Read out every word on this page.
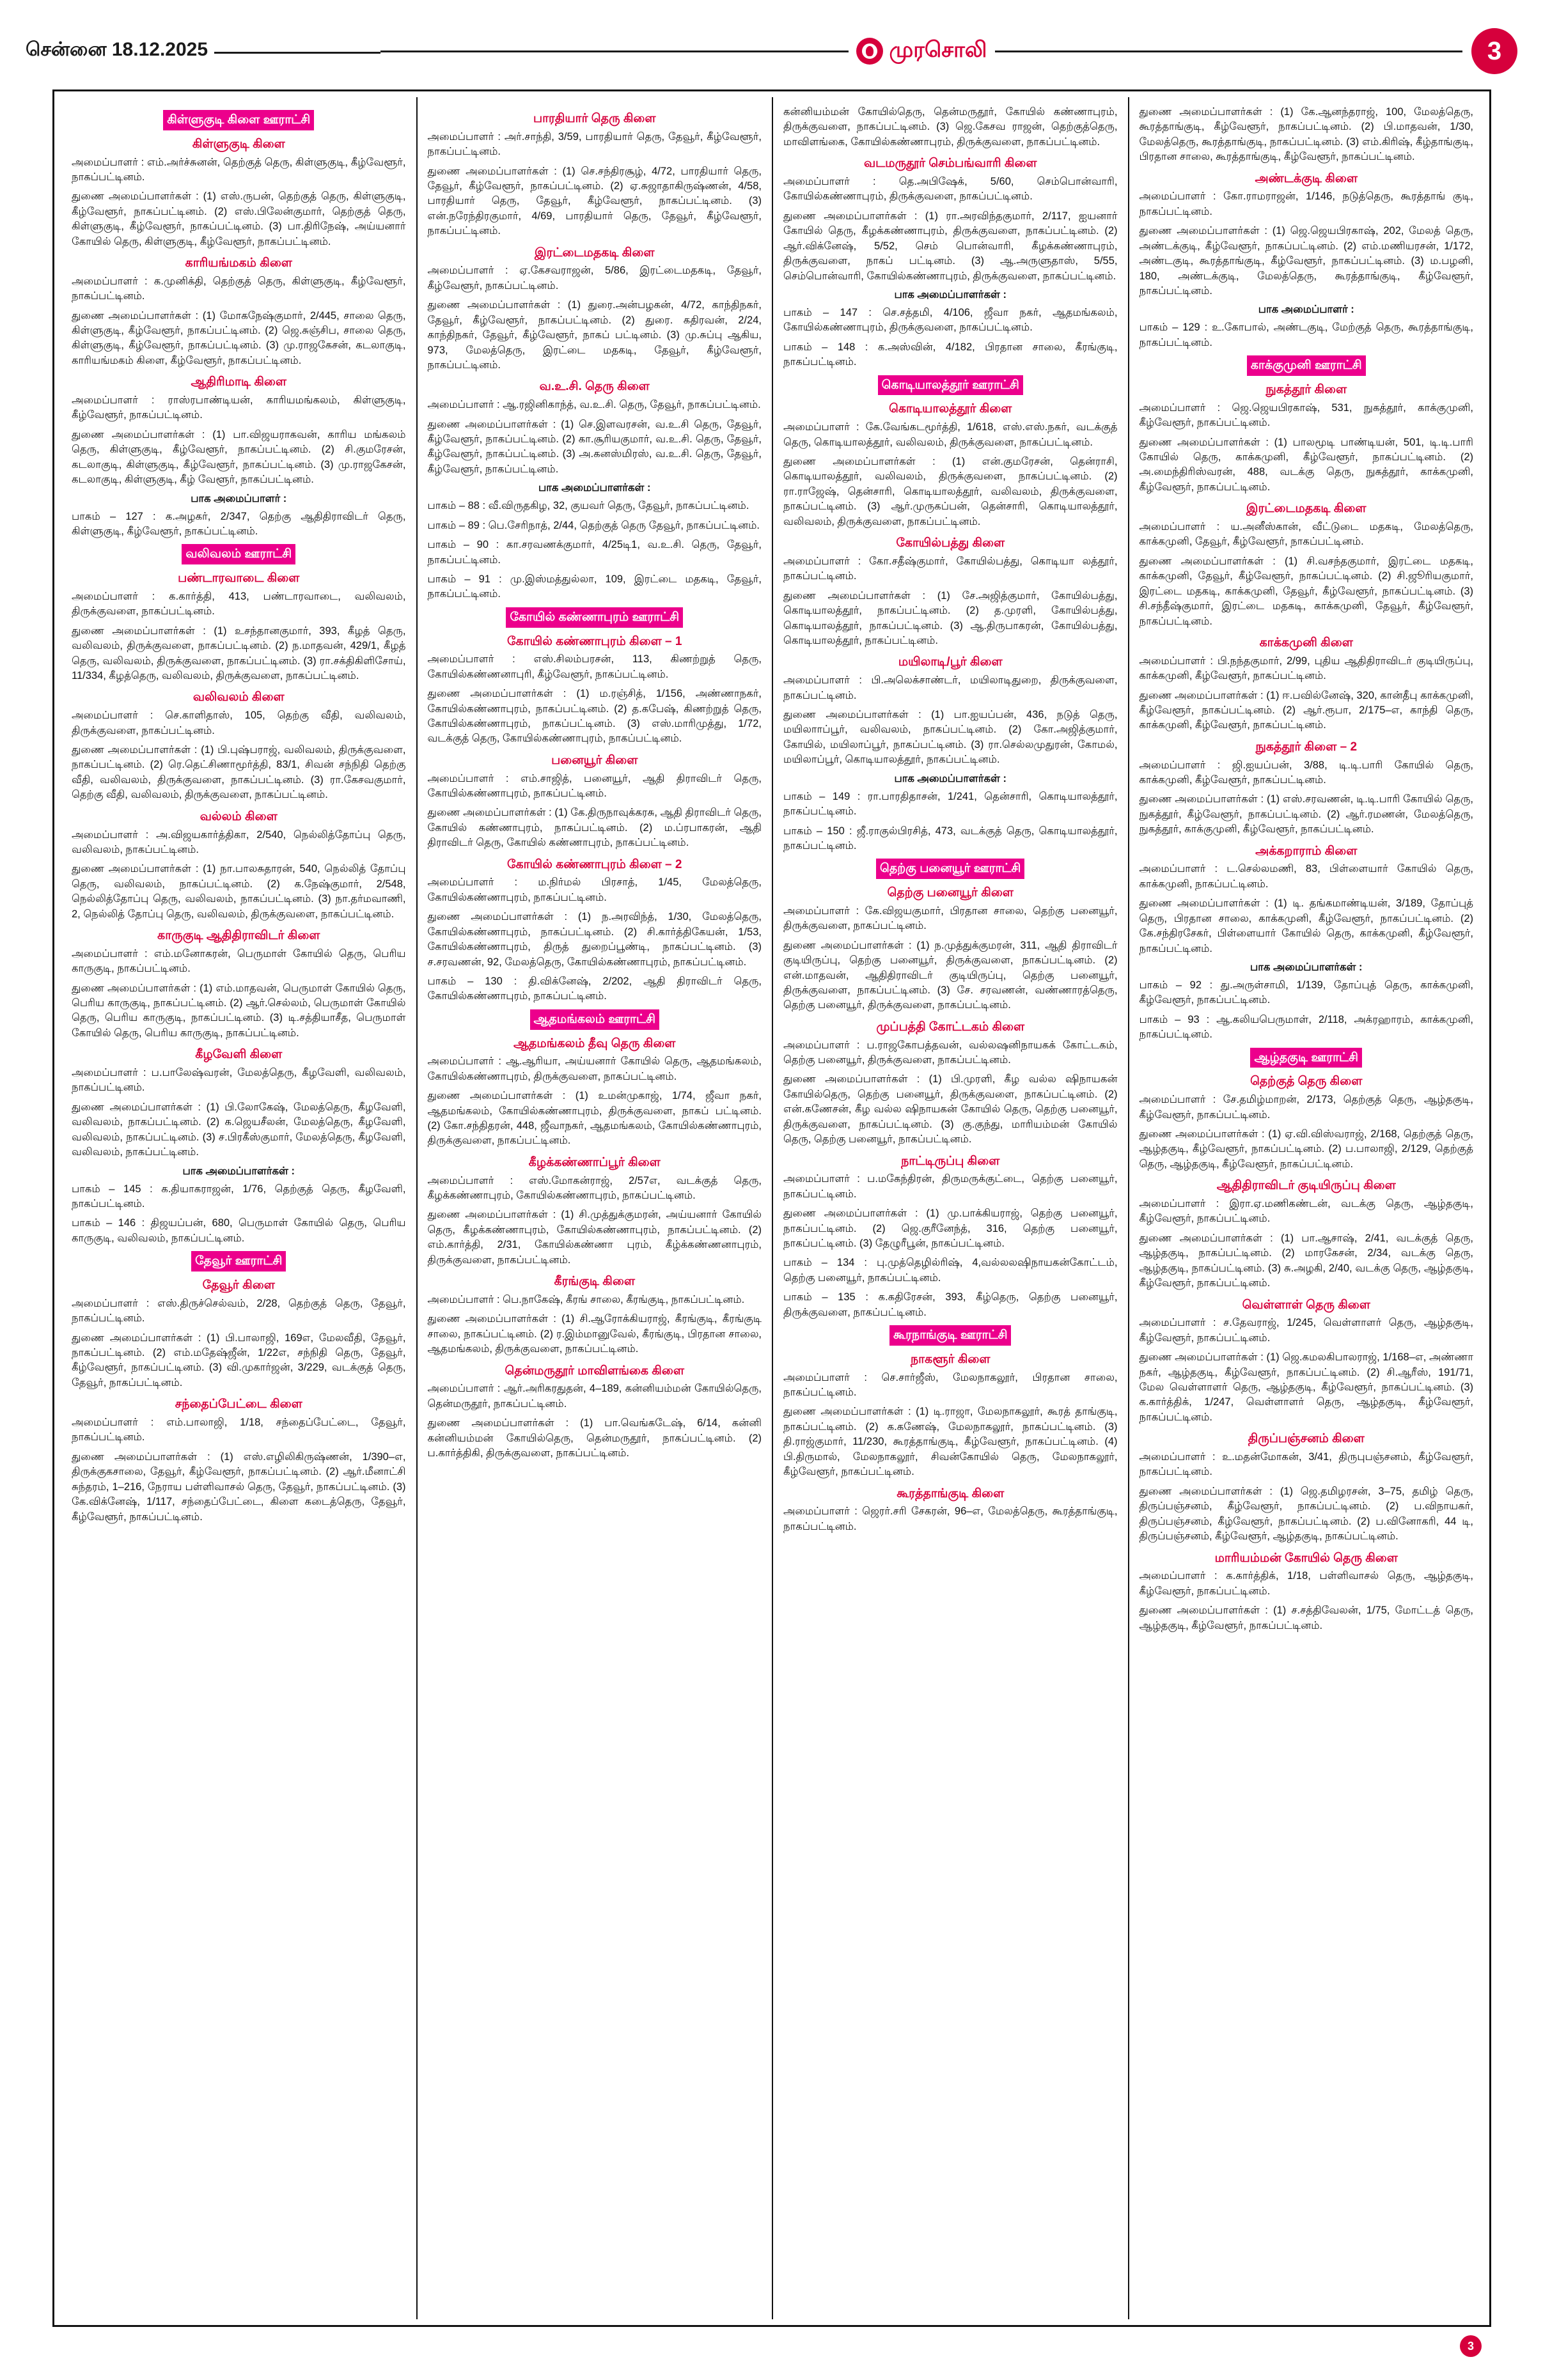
சென்னை 18.12.2025	முரசொலி	3
கிள்ளுகுடி கிளை ஊராட்சி
கிள்ளுகுடி கிளை

அமைப்பாளர் : எம்.அர்ச்சுனன், தெற்குத் தெரு, கிள்ளுகுடி, கீழ்வேளூர், நாகப்பட்டினம்.

துணை அமைப்பாளர்கள் : (1) எஸ்.ருபன், தெற்குத் தெரு, கிள்ளுகுடி, கீழ்வேளூர், நாகப்பட்டினம். (2) எஸ்.பிலேன்குமார், தெற்குத் தெரு, கிள்ளுகுடி, கீழ்வேளூர், நாகப்பட்டினம். (3) பா.திரிநேஷ், அய்யனார் கோயில் தெரு, கிள்ளுகுடி, கீழ்வேளூர், நாகப்பட்டினம்.

காரியங்மகம் கிளை

அமைப்பாளர் : க.முனிக்தி, தெற்குத் தெரு, கிள்ளுகுடி, கீழ்வேளூர், நாகப்பட்டினம்.

துணை அமைப்பாளர்கள் : (1) மோகநேஷ்குமார், 2/445, சாலை தெரு, கிள்ளுகுடி, கீழ்வேளூர், நாகப்பட்டினம். (2) ஜெ.சுஞ்சிப, சாலை தெரு, கிள்ளுகுடி, கீழ்வேளூர், நாகப்பட்டினம். (3) மு.ராஜகேசன், கடலாகுடி, காரியங்மகம் கிளை, கீழ்வேளூர், நாகப்பட்டினம்.

ஆதிரிமாடி கிளை

அமைப்பாளர் : ராஸ்ரபாண்டியன், காரியமங்கலம், கிள்ளுகுடி, கீழ்வேளூர், நாகப்பட்டினம்.

துணை அமைப்பாளர்கள் : (1) பா.விஜயராகவன், காரிய மங்கலம் தெரு, கிள்ளுகுடி, கீழ்வேளூர், நாகப்பட்டினம். (2) சி.குமரேசன், கடலாகுடி, கிள்ளுகுடி, கீழ்வேளூர், நாகப்பட்டினம். (3) மு.ராஜகேசன், கடலாகுடி, கிள்ளுகுடி, கீழ் வேளூர், நாகப்பட்டினம்.

பாக அமைப்பாளர் :

பாகம் – 127 : க.அழகர், 2/347, தெற்கு ஆதிதிராவிடர் தெரு, கிள்ளுகுடி, கீழ்வேளூர், நாகப்பட்டினம்.

வலிவலம் ஊராட்சி
பண்டாரவாடை கிளை

அமைப்பாளர் : க.கார்த்தி, 413, பண்டாரவாடை, வலிவலம், திருக்குவளை, நாகப்பட்டினம்.

துணை அமைப்பாளர்கள் : (1) உசந்தானகுமார், 393, கீழத் தெரு, வலிவலம், திருக்குவளை, நாகப்பட்டினம். (2) ந.மாதவன், 429/1, கீழத் தெரு, வலிவலம், திருக்குவளை, நாகப்பட்டினம். (3) ரா.சக்திகிளிசோய், 11/334, கீழத்தெரு, வலிவலம், திருக்குவளை, நாகப்பட்டினம்.

வலிவலம் கிளை

அமைப்பாளர் : செ.காளிதாஸ், 105, தெற்கு வீதி, வலிவலம், திருக்குவளை, நாகப்பட்டினம்.

துணை அமைப்பாளர்கள் : (1) பி.புஷ்பராஜ், வலிவலம், திருக்குவளை, நாகப்பட்டினம். (2) ரெ.தெட்சிணாமூர்த்தி, 83/1, சிவன் சந்நிதி தெற்கு வீதி, வலிவலம், திருக்குவளை, நாகப்பட்டினம். (3) ரா.கேசவகுமார், தெற்கு வீதி, வலிவலம், திருக்குவளை, நாகப்பட்டினம்.

வல்லம் கிளை

அமைப்பாளர் : அ.விஜயகார்த்திகா, 2/540, நெல்லித்தோப்பு தெரு, வலிவலம், நாகப்பட்டினம்.

துணை அமைப்பாளர்கள் : (1) நா.பாலசுதாரன், 540, நெல்லித் தோப்பு தெரு, வலிவலம், நாகப்பட்டினம். (2) க.நேஷ்குமார், 2/548, நெல்லித்தோப்பு தெரு, வலிவலம், நாகப்பட்டினம். (3) நா.தர்மவாணி, 2, நெல்லித் தோப்பு தெரு, வலிவலம், திருக்குவளை, நாகப்பட்டினம்.

காருகுடி ஆதிதிராவிடர் கிளை

அமைப்பாளர் : எம்.மனோகரன், பெருமாள் கோயில் தெரு, பெரிய காருகுடி, நாகப்பட்டினம்.

துணை அமைப்பாளர்கள் : (1) எம்.மாதவன், பெருமாள் கோயில் தெரு, பெரிய காருகுடி, நாகப்பட்டினம். (2) ஆர்.செல்லம், பெருமாள் கோயில் தெரு, பெரிய காருகுடி, நாகப்பட்டினம். (3) டி.சத்தியாசீத, பெருமாள் கோயில் தெரு, பெரிய காருகுடி, நாகப்பட்டினம்.

கீழவேளி கிளை

அமைப்பாளர் : ப.பாலேஷ்வரன், மேலத்தெரு, கீழவேளி, வலிவலம், நாகப்பட்டினம்.

துணை அமைப்பாளர்கள் : (1) பி.லோகேஷ், மேலத்தெரு, கீழவேளி, வலிவலம், நாகப்பட்டினம். (2) க.ஜெயசீலன், மேலத்தெரு, கீழவேளி, வலிவலம், நாகப்பட்டினம். (3) ச.பிரகீஸ்குமார், மேலத்தெரு, கீழவேளி, வலிவலம், நாகப்பட்டினம்.

பாக அமைப்பாளர்கள் :

பாகம் – 145 : க.தியாகராஜன், 1/76, தெற்குத் தெரு, கீழவேளி, நாகப்பட்டினம்.

பாகம் – 146 : திஜயப்பன், 680, பெருமாள் கோயில் தெரு, பெரிய காருகுடி, வலிவலம், நாகப்பட்டினம்.

தேவூர் ஊராட்சி
தேவூர் கிளை

அமைப்பாளர் : எஸ்.திருச்செல்வம், 2/28, தெற்குத் தெரு, தேவூர், நாகப்பட்டினம்.

துணை அமைப்பாளர்கள் : (1) பி.பாலாஜி, 169எ, மேலவீதி, தேவூர், நாகப்பட்டினம். (2) எம்.மதேஷ்ஜீன், 1/22எ, சந்நிதி தெரு, தேவூர், கீழ்வேளூர், நாகப்பட்டினம். (3) வி.முகார்ஜன், 3/229, வடக்குத் தெரு, தேவூர், நாகப்பட்டினம்.

சந்தைப்பேட்டை கிளை

அமைப்பாளர் : எம்.பாலாஜி, 1/18, சந்தைப்பேட்டை, தேவூர், நாகப்பட்டினம்.

துணை அமைப்பாளர்கள் : (1) எஸ்.எழிலிகிருஷ்ணன், 1/390–எ, திருக்குகசாலை, தேவூர், கீழ்வேளூர், நாகப்பட்டினம். (2) ஆர்.மீனாட்சி சுந்தரம், 1–216, நேராய பள்ளிவாசல் தெரு, தேவூர், நாகப்பட்டினம். (3) கே.விக்னேஷ், 1/117, சந்தைப்பேட்டை, கிளை கடைத்தெரு, தேவூர், கீழ்வேளூர், நாகப்பட்டினம்.

பாரதியார் தெரு கிளை

அமைப்பாளர் : அர்.சாந்தி, 3/59, பாரதியார் தெரு, தேவூர், கீழ்வேளூர், நாகப்பட்டினம்.

துணை அமைப்பாளர்கள் : (1) செ.சந்திரசூழ், 4/72, பாரதியார் தெரு, தேவூர், கீழ்வேளூர், நாகப்பட்டினம். (2) ஏ.சுஜாதாகிருஷ்ணன், 4/58, பாரதியார் தெரு, தேவூர், கீழ்வேளூர், நாகப்பட்டினம். (3) என்.நரேந்திரகுமார், 4/69, பாரதியார் தெரு, தேவூர், கீழ்வேளூர், நாகப்பட்டினம்.

இரட்டைமதகடி கிளை

அமைப்பாளர் : ஏ.கேசவராஜன், 5/86, இரட்டைமதகடி, தேவூர், கீழ்வேளூர், நாகப்பட்டினம்.

துணை அமைப்பாளர்கள் : (1) துரை.அன்பழகன், 4/72, காந்திநகர், தேவூர், கீழ்வேளூர், நாகப்பட்டினம். (2) துரை. கதிரவன், 2/24, காந்திநகர், தேவூர், கீழ்வேளூர், நாகப் பட்டினம். (3) மு.சுப்பு ஆகிய, 973, மேலத்தெரு, இரட்டை மதகடி, தேவூர், கீழ்வேளூர், நாகப்பட்டினம்.

வ.உ.சி. தெரு கிளை

அமைப்பாளர் : ஆ.ரஜினிகாந்த், வ.உ.சி. தெரு, தேவூர், நாகப்பட்டினம்.

துணை அமைப்பாளர்கள் : (1) செ.இளவரசன், வ.உ.சி தெரு, தேவூர், கீழ்வேளூர், நாகப்பட்டினம். (2) கா.சூரியகுமார், வ.உ.சி. தெரு, தேவூர், கீழ்வேளூர், நாகப்பட்டினம். (3) அ.கனஸ்மிரஸ், வ.உ.சி. தெரு, தேவூர், கீழ்வேளூர், நாகப்பட்டினம்.

பாக அமைப்பாளர்கள் :

பாகம் – 88 : வீ.விருதகிழ, 32, குயவர் தெரு, தேவூர், நாகப்பட்டினம்.

பாகம் – 89 : பெ.சேரிநாத், 2/44, தெற்குத் தெரு தேவூர், நாகப்பட்டினம்.

பாகம் – 90 : கா.சரவணக்குமார், 4/25டி1, வ.உ.சி. தெரு, தேவூர், நாகப்பட்டினம்.

பாகம் – 91 : மு.இஸ்மத்துல்லா, 109, இரட்டை மதகடி, தேவூர், நாகப்பட்டினம்.

கோயில் கண்ணாபுரம் ஊராட்சி
கோயில் கண்ணாபுரம் கிளை – 1

அமைப்பாளர் : எஸ்.சிலம்பரசன், 113, கிணற்றுத் தெரு, கோயில்கண்ணனாபுரி, கீழ்வேளூர், நாகப்பட்டினம்.

துணை அமைப்பாளர்கள் : (1) ம.ரஞ்சித், 1/156, அண்ணாநகர், கோயில்கண்ணாபுரம், நாகப்பட்டினம். (2) த.கபேஷ், கிணற்றுத் தெரு, கோயில்கண்ணாபுரம், நாகப்பட்டினம். (3) எஸ்.மாரிமுத்து, 1/72, வடக்குத் தெரு, கோயில்கண்ணாபுரம், நாகப்பட்டினம்.

பனையூர் கிளை

அமைப்பாளர் : எம்.சாஜித், பனையூர், ஆதி திராவிடர் தெரு, கோயில்கண்ணாபுரம், நாகப்பட்டினம்.

துணை அமைப்பாளர்கள் : (1) கே.திருநாவுக்கரசு, ஆதி திராவிடர் தெரு, கோயில் கண்ணாபுரம், நாகப்பட்டினம். (2) ம.ப்ரபாகரன், ஆதி திராவிடர் தெரு, கோயில் கண்ணாபுரம், நாகப்பட்டினம்.

கோயில் கண்ணாபுரம் கிளை – 2

அமைப்பாளர் : ம.நிர்மல் பிரசாத், 1/45, மேலத்தெரு, கோயில்கண்ணாபுரம், நாகப்பட்டினம்.

துணை அமைப்பாளர்கள் : (1) ந.அரவிந்த், 1/30, மேலத்தெரு, கோயில்கண்ணாபுரம், நாகப்பட்டினம். (2) சி.கார்த்திகேயன், 1/53, கோயில்கண்ணாபுரம், திருத் துறைப்பூண்டி, நாகப்பட்டினம். (3) ச.சரவணன், 92, மேலத்தெரு, கோயில்கண்ணாபுரம், நாகப்பட்டினம்.

பாகம் – 130 : தி.விக்னேஷ், 2/202, ஆதி திராவிடர் தெரு, கோயில்கண்ணாபுரம், நாகப்பட்டினம்.

ஆதமங்கலம் ஊராட்சி
ஆதமங்கலம் தீவு தெரு கிளை

அமைப்பாளர் : ஆ.ஆரியா, அய்யனார் கோயில் தெரு, ஆதமங்கலம், கோயில்கண்ணாபுரம், திருக்குவளை, நாகப்பட்டினம்.

துணை அமைப்பாளர்கள் : (1) உமன்முகாஜ், 1/74, ஜீவா நகர், ஆதமங்கலம், கோயில்கண்ணாபுரம், திருக்குவளை, நாகப் பட்டினம். (2) கோ.சந்திதரன், 448, ஜீவாநகர், ஆதமங்கலம், கோயில்கண்ணாபுரம், திருக்குவளை, நாகப்பட்டினம்.

கீழக்கண்ணாப்பூர் கிளை

அமைப்பாளர் : எஸ்.மோகன்ராஜ், 2/57எ, வடக்குத் தெரு, கீழக்கண்ணாபுரம், கோயில்கண்ணாபுரம், நாகப்பட்டினம்.

துணை அமைப்பாளர்கள் : (1) சி.முத்துக்குமரன், அய்யனார் கோயில் தெரு, கீழக்கண்ணாபுரம், கோயில்கண்ணாபுரம், நாகப்பட்டினம். (2) எம்.கார்த்தி, 2/31, கோயில்கண்ணா புரம், கீழ்க்கண்ணனாபுரம், திருக்குவளை, நாகப்பட்டினம்.

கீரங்குடி கிளை

அமைப்பாளர் : பெ.நாகேஷ், கீரங் சாலை, கீரங்குடி, நாகப்பட்டினம்.

துணை அமைப்பாளர்கள் : (1) சி.ஆரோக்கியராஜ், கீரங்குடி, கீரங்குடி சாலை, நாகப்பட்டினம். (2) ர.இம்மானுவேல், கீரங்குடி, பிரதான சாலை, ஆதமங்கலம், திருக்குவளை, நாகப்பட்டினம்.

தென்மருதூர் மாவிளங்கை கிளை

அமைப்பாளர் : ஆர்.அரிகரதுதன், 4–189, கன்னியம்மன் கோயில்தெரு, தென்மருதூர், நாகப்பட்டினம்.

துணை அமைப்பாளர்கள் : (1) பா.வெங்கடேஷ், 6/14, கன்னி கன்னியம்மன் கோயில்தெரு, தென்மருதூர், நாகப்பட்டினம். (2) ப.கார்த்திகி, திருக்குவளை, நாகப்பட்டினம்.

கன்னியம்மன் கோயில்தெரு, தென்மருதூர், கோயில் கண்ணாபுரம், திருக்குவளை, நாகப்பட்டினம். (3) ஜெ.கேசவ ராஜன், தெற்குத்தெரு, மாவிளங்கை, கோயில்கண்ணாபுரம், திருக்குவளை, நாகப்பட்டினம்.

வடமருதூர் செம்பங்வாரி கிளை

அமைப்பாளர் : தெ.அபிஷேக், 5/60, செம்பொன்வாரி, கோயில்கண்ணாபுரம், திருக்குவளை, நாகப்பட்டினம்.

துணை அமைப்பாளர்கள் : (1) ரா.அரவிந்தகுமார், 2/117, ஐயனார் கோயில் தெரு, கீழக்கண்ணாபுரம், திருக்குவளை, நாகப்பட்டினம். (2) ஆர்.விக்னேஷ், 5/52, செம் பொன்வாரி, கீழக்கண்ணாபுரம், திருக்குவளை, நாகப் பட்டினம். (3) ஆ.அருளுதாஸ், 5/55, செம்பொன்வாரி, கோயில்கண்ணாபுரம், திருக்குவளை, நாகப்பட்டினம்.

பாக அமைப்பாளர்கள் :

பாகம் – 147 : செ.சத்தமி, 4/106, ஜீவா நகர், ஆதமங்கலம், கோயில்கண்ணாபுரம், திருக்குவளை, நாகப்பட்டினம்.

பாகம் – 148 : க.அஸ்வின், 4/182, பிரதான சாலை, கீரங்குடி, நாகப்பட்டினம்.

கொடியாலத்தூர் ஊராட்சி
கொடியாலத்தூர் கிளை

அமைப்பாளர் : கே.வேங்கடமூர்த்தி, 1/618, எஸ்.எஸ்.நகர், வடக்குத் தெரு, கொடியாலத்தூர், வலிவலம், திருக்குவளை, நாகப்பட்டினம்.

துணை அமைப்பாளர்கள் : (1) என்.குமரேசன், தென்ராசி, கொடியாலத்தூர், வலிவலம், திருக்குவளை, நாகப்பட்டினம். (2) ரா.ராஜேஷ், தென்சாரி, கொடியாலத்தூர், வலிவலம், திருக்குவளை, நாகப்பட்டினம். (3) ஆர்.முருகப்பன், தென்சாரி, கொடியாலத்தூர், வலிவலம், திருக்குவளை, நாகப்பட்டினம்.

கோயில்பத்து கிளை

அமைப்பாளர் : கோ.சதீஷ்குமார், கோயில்பத்து, கொடியா லத்தூர், நாகப்பட்டினம்.

துணை அமைப்பாளர்கள் : (1) சே.அஜித்குமார், கோயில்பத்து, கொடியாலத்தூர், நாகப்பட்டினம். (2) த.முரளி, கோயில்பத்து, கொடியாலத்தூர், நாகப்பட்டினம். (3) ஆ.திருபாகரன், கோயில்பத்து, கொடியாலத்தூர், நாகப்பட்டினம்.

மயிலாடி/பூர் கிளை

அமைப்பாளர் : பி.அலெக்சாண்டர், மயிலாடிதுறை, திருக்குவளை, நாகப்பட்டினம்.

துணை அமைப்பாளர்கள் : (1) பா.ஐயப்பன், 436, நடுத் தெரு, மயிலாாப்பூர், வலிவலம், நாகப்பட்டினம். (2) கோ.அஜித்குமார், கோயில், மயிலாப்பூர், நாகப்பட்டினம். (3) ரா.செல்லமுதுரன், கோமல், மயிலாப்பூர், கொடியாலத்தூர், நாகப்பட்டினம்.

பாக அமைப்பாளர்கள் :

பாகம் – 149 : ரா.பாரதிதாசன், 1/241, தென்சாரி, கொடியாலத்தூர், நாகப்பட்டினம்.

பாகம் – 150 : ஜீ.ராகுல்பிரசித், 473, வடக்குத் தெரு, கொடியாலத்தூர், நாகப்பட்டினம்.

தெற்கு பனையூர் ஊராட்சி
தெற்கு பனையூர் கிளை

அமைப்பாளர் : கே.விஜயகுமார், பிரதான சாலை, தெற்கு பனையூர், திருக்குவளை, நாகப்பட்டினம்.

துணை அமைப்பாளர்கள் : (1) ந.முத்துக்குமரன், 311, ஆதி திராவிடர் குடியிருப்பு, தெற்கு பனையூர், திருக்குவளை, நாகப்பட்டினம். (2) என்.மாதவன், ஆதிதிராவிடர் குடியிருப்பு, தெற்கு பனையூர், திருக்குவளை, நாகப்பட்டினம். (3) சே. சரவணன், வண்ணாரத்தெரு, தெற்கு பனையூர், திருக்குவளை, நாகப்பட்டினம்.

முப்பத்தி கோட்டகம் கிளை

அமைப்பாளர் : ப.ராஜகோபத்தவன், வல்லஷனிநாயகக் கோட்டகம், தெற்கு பனையூர், திருக்குவளை, நாகப்பட்டினம்.

துணை அமைப்பாளர்கள் : (1) பி.முரளி, கீழ வல்ல ஷிநாயகன் கோயில்தெரு, தெற்கு பனையூர், திருக்குவளை, நாகப்பட்டினம். (2) என்.கணேசன், கீழ வல்ல ஷிநாயகன் கோயில் தெரு, தெற்கு பனையூர், திருக்குவளை, நாகப்பட்டினம். (3) கு.குந்து, மாரியம்மன் கோயில் தெரு, தெற்கு பனையூர், நாகப்பட்டினம்.

நாட்டிருப்பு கிளை

அமைப்பாளர் : ப.மகேந்திரன், திருமருக்குட்டை, தெற்கு பனையூர், நாகப்பட்டினம்.

துணை அமைப்பாளர்கள் : (1) மு.பாக்கியராஜ், தெற்கு பனையூர், நாகப்பட்டினம். (2) ஜெ.குரீனேந்த், 316, தெற்கு பனையூர், நாகப்பட்டினம். (3) தேழுரீபூன், நாகப்பட்டினம்.

பாகம் – 134 : பு.முத்தெழில்ரிஷ், 4,வல்லலஷிநாயகன்கோட்டம், தெற்கு பனையூர், நாகப்பட்டினம்.

பாகம் – 135 : க.கதிரேசன், 393, கீழ்தெரு, தெற்கு பனையூர், திருக்குவளை, நாகப்பட்டினம்.

கூரநாங்குடி ஊராட்சி
நாகளூர் கிளை

அமைப்பாளர் : செ.சார்ஜீஸ், மேலநாகலூர், பிரதான சாலை, நாகப்பட்டினம்.

துணை அமைப்பாளர்கள் : (1) டி.ராஜா, மேலநாகலூர், கூரத் தாங்குடி, நாகப்பட்டினம். (2) க.கணேஷ், மேலநாகலூர், நாகப்பட்டினம். (3) தி.ராஜ்குமார், 11/230, கூரத்தாங்குடி, கீழ்வேளூர், நாகப்பட்டினம். (4) பி.திருமால், மேலநாகலூர், சிவன்கோயில் தெரு, மேலநாகலூர், கீழ்வேளூர், நாகப்பட்டினம்.

கூரத்தாங்குடி கிளை

அமைப்பாளர் : ஜெரர்.சரி சேகரன், 96–எ, மேலத்தெரு, கூரத்தாங்குடி, நாகப்பட்டினம்.

துணை அமைப்பாளர்கள் : (1) கே.ஆனந்தராஜ், 100, மேலத்தெரு, கூரத்தாங்குடி, கீழ்வேளூர், நாகப்பட்டினம். (2) பி.மாதவன், 1/30, மேலத்தெரு, கூரத்தாங்குடி, நாகப்பட்டினம். (3) எம்.கிரிஷ், கீழ்தாங்குடி, பிரதான சாலை, கூரத்தாங்குடி, கீழ்வேளூர், நாகப்பட்டினம்.

அண்டக்குடி கிளை

அமைப்பாளர் : கோ.ராமராஜன், 1/146, நடுத்தெரு, கூரத்தாங் குடி, நாகப்பட்டினம்.

துணை அமைப்பாளர்கள் : (1) ஜெ.ஜெயபிரகாஷ், 202, மேலத் தெரு, அண்டக்குடி, கீழ்வேளூர், நாகப்பட்டினம். (2) எம்.மணியரசன், 1/172, அண்டகுடி, கூரத்தாங்குடி, கீழ்வேளூர், நாகப்பட்டினம். (3) ம.பழனி, 180, அண்டக்குடி, மேலத்தெரு, கூரத்தாங்குடி, கீழ்வேளூர், நாகப்பட்டினம்.

பாக அமைப்பாளர் :

பாகம் – 129 : உ.கோபால், அண்டகுடி, மேற்குத் தெரு, கூரத்தாங்குடி, நாகப்பட்டினம்.

காக்குமுனி ஊராட்சி
நுகத்தூர் கிளை

அமைப்பாளர் : ஜெ.ஜெயபிரகாஷ், 531, நுகத்தூர், காக்குமுனி, கீழ்வேளூர், நாகப்பட்டினம்.

துணை அமைப்பாளர்கள் : (1) பாலமூடி பாண்டியன், 501, டி.டி.பாரி கோயில் தெரு, காக்கமுனி, கீழ்வேளூர், நாகப்பட்டினம். (2) அ.மைந்திரிஸ்வரன், 488, வடக்கு தெரு, நுகத்தூர், காக்கமுனி, கீழ்வேளூர், நாகப்பட்டினம்.

இரட்டைமதகடி கிளை

அமைப்பாளர் : ய.அனீஸ்கான், வீட்டுடை மதகடி, மேலத்தெரு, காக்கமுனி, தேவூர், கீழ்வேளூர், நாகப்பட்டினம்.

துணை அமைப்பாளர்கள் : (1) சி.வசந்தகுமார், இரட்டை மதகடி, காக்கமுனி, தேவூர், கீழ்வேளூர், நாகப்பட்டினம். (2) சி.ஜூரியகுமார், இரட்டை மதகடி, காக்கமுனி, தேவூர், கீழ்வேளூர், நாகப்பட்டினம். (3) சி.சந்தீஷ்குமார், இரட்டை மதகடி, காக்கமுனி, தேவூர், கீழ்வேளூர், நாகப்பட்டினம்.

காக்கமுனி கிளை

அமைப்பாளர் : பி.நந்தகுமார், 2/99, புதிய ஆதிதிராவிடர் குடியிருப்பு, காக்கமுனி, கீழ்வேளூர், நாகப்பட்டினம்.

துணை அமைப்பாளர்கள் : (1) ஈ.பவில்னேஷ், 320, கான்தீபு காக்கமுனி, கீழ்வேளூர், நாகப்பட்டினம். (2) ஆர்.ரூபா, 2/175–எ, காந்தி தெரு, காக்கமுனி, கீழ்வேளூர், நாகப்பட்டினம்.

நுகத்தூர் கிளை – 2

அமைப்பாளர் : ஜி.ஐயப்பன், 3/88, டி.டி.பாரி கோயில் தெரு, காக்கமுனி, கீழ்வேளூர், நாகப்பட்டினம்.

துணை அமைப்பாளர்கள் : (1) எஸ்.சரவணன், டி.டி.பாரி கோயில் தெரு, நுகத்தூர், கீழ்வேளூர், நாகப்பட்டினம். (2) ஆர்.ரமணன், மேலத்தெரு, நுகத்தூர், காக்குமுனி, கீழ்வேளூர், நாகப்பட்டினம்.

அக்கறாராம் கிளை

அமைப்பாளர் : ட.செல்லமணி, 83, பிள்ளையார் கோயில் தெரு, காக்கமுனி, நாகப்பட்டினம்.

துணை அமைப்பாளர்கள் : (1) டி. தங்கமாண்டியன், 3/189, தோப்புத் தெரு, பிரதான சாலை, காக்கமுனி, கீழ்வேளூர், நாகப்பட்டினம். (2) கே.சந்திரசேகர், பிள்ளையார் கோயில் தெரு, காக்கமுனி, கீழ்வேளூர், நாகப்பட்டினம்.

பாக அமைப்பாளர்கள் :

பாகம் – 92 : து.அருள்சாமி, 1/139, தோப்புத் தெரு, காக்கமுனி, கீழ்வேளூர், நாகப்பட்டினம்.

பாகம் – 93 : ஆ.கலியபெருமாள், 2/118, அக்ரஹாரம், காக்கமுனி, நாகப்பட்டினம்.

ஆழ்தகுடி ஊராட்சி
தெற்குத் தெரு கிளை

அமைப்பாளர் : சே.தமிழ்மாறன், 2/173, தெற்குத் தெரு, ஆழ்தகுடி, கீழ்வேளூர், நாகப்பட்டினம்.

துணை அமைப்பாளர்கள் : (1) ஏ.வி.விஸ்வராஜ், 2/168, தெற்குத் தெரு, ஆழ்தகுடி, கீழ்வேளூர், நாகப்பட்டினம். (2) ப.பாலாஜி, 2/129, தெற்குத் தெரு, ஆழ்தகுடி, கீழ்வேளூர், நாகப்பட்டினம்.

ஆதிதிராவிடர் குடியிருப்பு கிளை

அமைப்பாளர் : இரா.ஏ.மணிகண்டன், வடக்கு தெரு, ஆழ்தகுடி, கீழ்வேளூர், நாகப்பட்டினம்.

துணை அமைப்பாளர்கள் : (1) பா.ஆசாஷ், 2/41, வடக்குத் தெரு, ஆழ்தகுடி, நாகப்பட்டினம். (2) மாரகேசன், 2/34, வடக்கு தெரு, ஆழ்தகுடி, நாகப்பட்டினம். (3) சு.அழகி, 2/40, வடக்கு தெரு, ஆழ்தகுடி, கீழ்வேளூர், நாகப்பட்டினம்.

வெள்ளாள் தெரு கிளை

அமைப்பாளர் : ச.தேவராஜ், 1/245, வெள்ளாளர் தெரு, ஆழ்தகுடி, கீழ்வேளூர், நாகப்பட்டினம்.

துணை அமைப்பாளர்கள் : (1) ஜெ.கமலகிபாலராஜ், 1/168–எ, அண்ணா நகர், ஆழ்தகுடி, கீழ்வேளூர், நாகப்பட்டினம். (2) சி.ஆரீஸ், 191/71, மேல வெள்ளாளர் தெரு, ஆழ்தகுடி, கீழ்வேளூர், நாகப்பட்டினம். (3) க.கார்த்திக், 1/247, வெள்ளாளர் தெரு, ஆழ்தகுடி, கீழ்வேளூர், நாகப்பட்டினம்.

திருப்பஞ்சனம் கிளை

அமைப்பாளர் : உ.மதன்மோகன், 3/41, திருபுபஞ்சனம், கீழ்வேளூர், நாகப்பட்டினம்.

துணை அமைப்பாளர்கள் : (1) ஜெ.தமிழரசன், 3–75, தமிழ் தெரு, திருப்பஞ்சனம், கீழ்வேளூர், நாகப்பட்டினம். (2) ப.விநாயகர், திருப்பஞ்சனம், கீழ்வேளூர், நாகப்பட்டினம். (2) ப.வினோகரி, 44 டி, திருப்பஞ்சனம், கீழ்வேளூர், ஆழ்தகுடி, நாகப்பட்டினம்.

மாரியம்மன் கோயில் தெரு கிளை

அமைப்பாளர் : க.கார்த்திக், 1/18, பள்ளிவாசல் தெரு, ஆழ்தகுடி, கீழ்வேளூர், நாகப்பட்டினம்.

துணை அமைப்பாளர்கள் : (1) ச.சத்திவேலன், 1/75, மோட்டத் தெரு, ஆழ்தகுடி, கீழ்வேளூர், நாகப்பட்டினம்.

3
